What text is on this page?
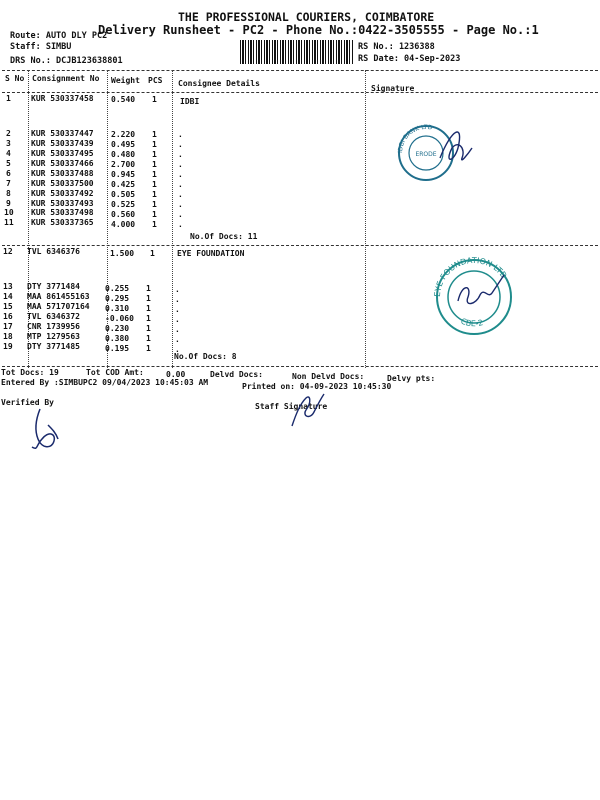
THE PROFESSIONAL COURIERS, COIMBATORE
Delivery Runsheet - PC2 - Phone No.:0422-3505555 - Page No.:1
Route: AUTO DLY PC2
Staff: SIMBU
DRS No.: DCJB123638801
RS No.: 1236388
RS Date: 04-Sep-2023
S No Consignment No Weight PCS Consignee Details
Signature
1	KUR 530337458 0.540 1	IDBI
2	KUR 530337447 2.220 1	.
3	KUR 530337439 0.495 1	.
4	KUR 530337495 0.480 1	.
5	KUR 530337466 2.700 1	.
6	KUR 530337488 0.945 1	.
7	KUR 530337500 0.425 1	.
8	KUR 530337492 0.505 1	.
9	KUR 530337493 0.525 1	.
10 KUR 530337498 0.560 1	.
11 KUR 530337365 4.000 1	.
No.Of Docs: 11
12 TVL 6346376	1.500 1	EYE FOUNDATION
13 DTY 3771484	0.255 1	.
14 MAA 861455163 0.295 1	.
15 MAA 571707164 0.310 1	.
16 TVL 6346372	-0.060 1	.
17 CNR 1739956	0.230 1	.
18 MTP 1279563	0.380 1	.
19 DTY 3771485	0.195 1	.
No.Of Docs: 8
IDBI BANK LTD
ERODE
EYE FOUNDATION LTD
CBE-2
Tot Docs: 19	Tot COD Amt:	0.00	Delvd Docs:	Non Delvd Docs:	Delvy pts:
Entered By :SIMBUPC2 09/04/2023 10:45:03 AM	Printed on: 04-09-2023 10:45:30
Verified By	Staff Signature
